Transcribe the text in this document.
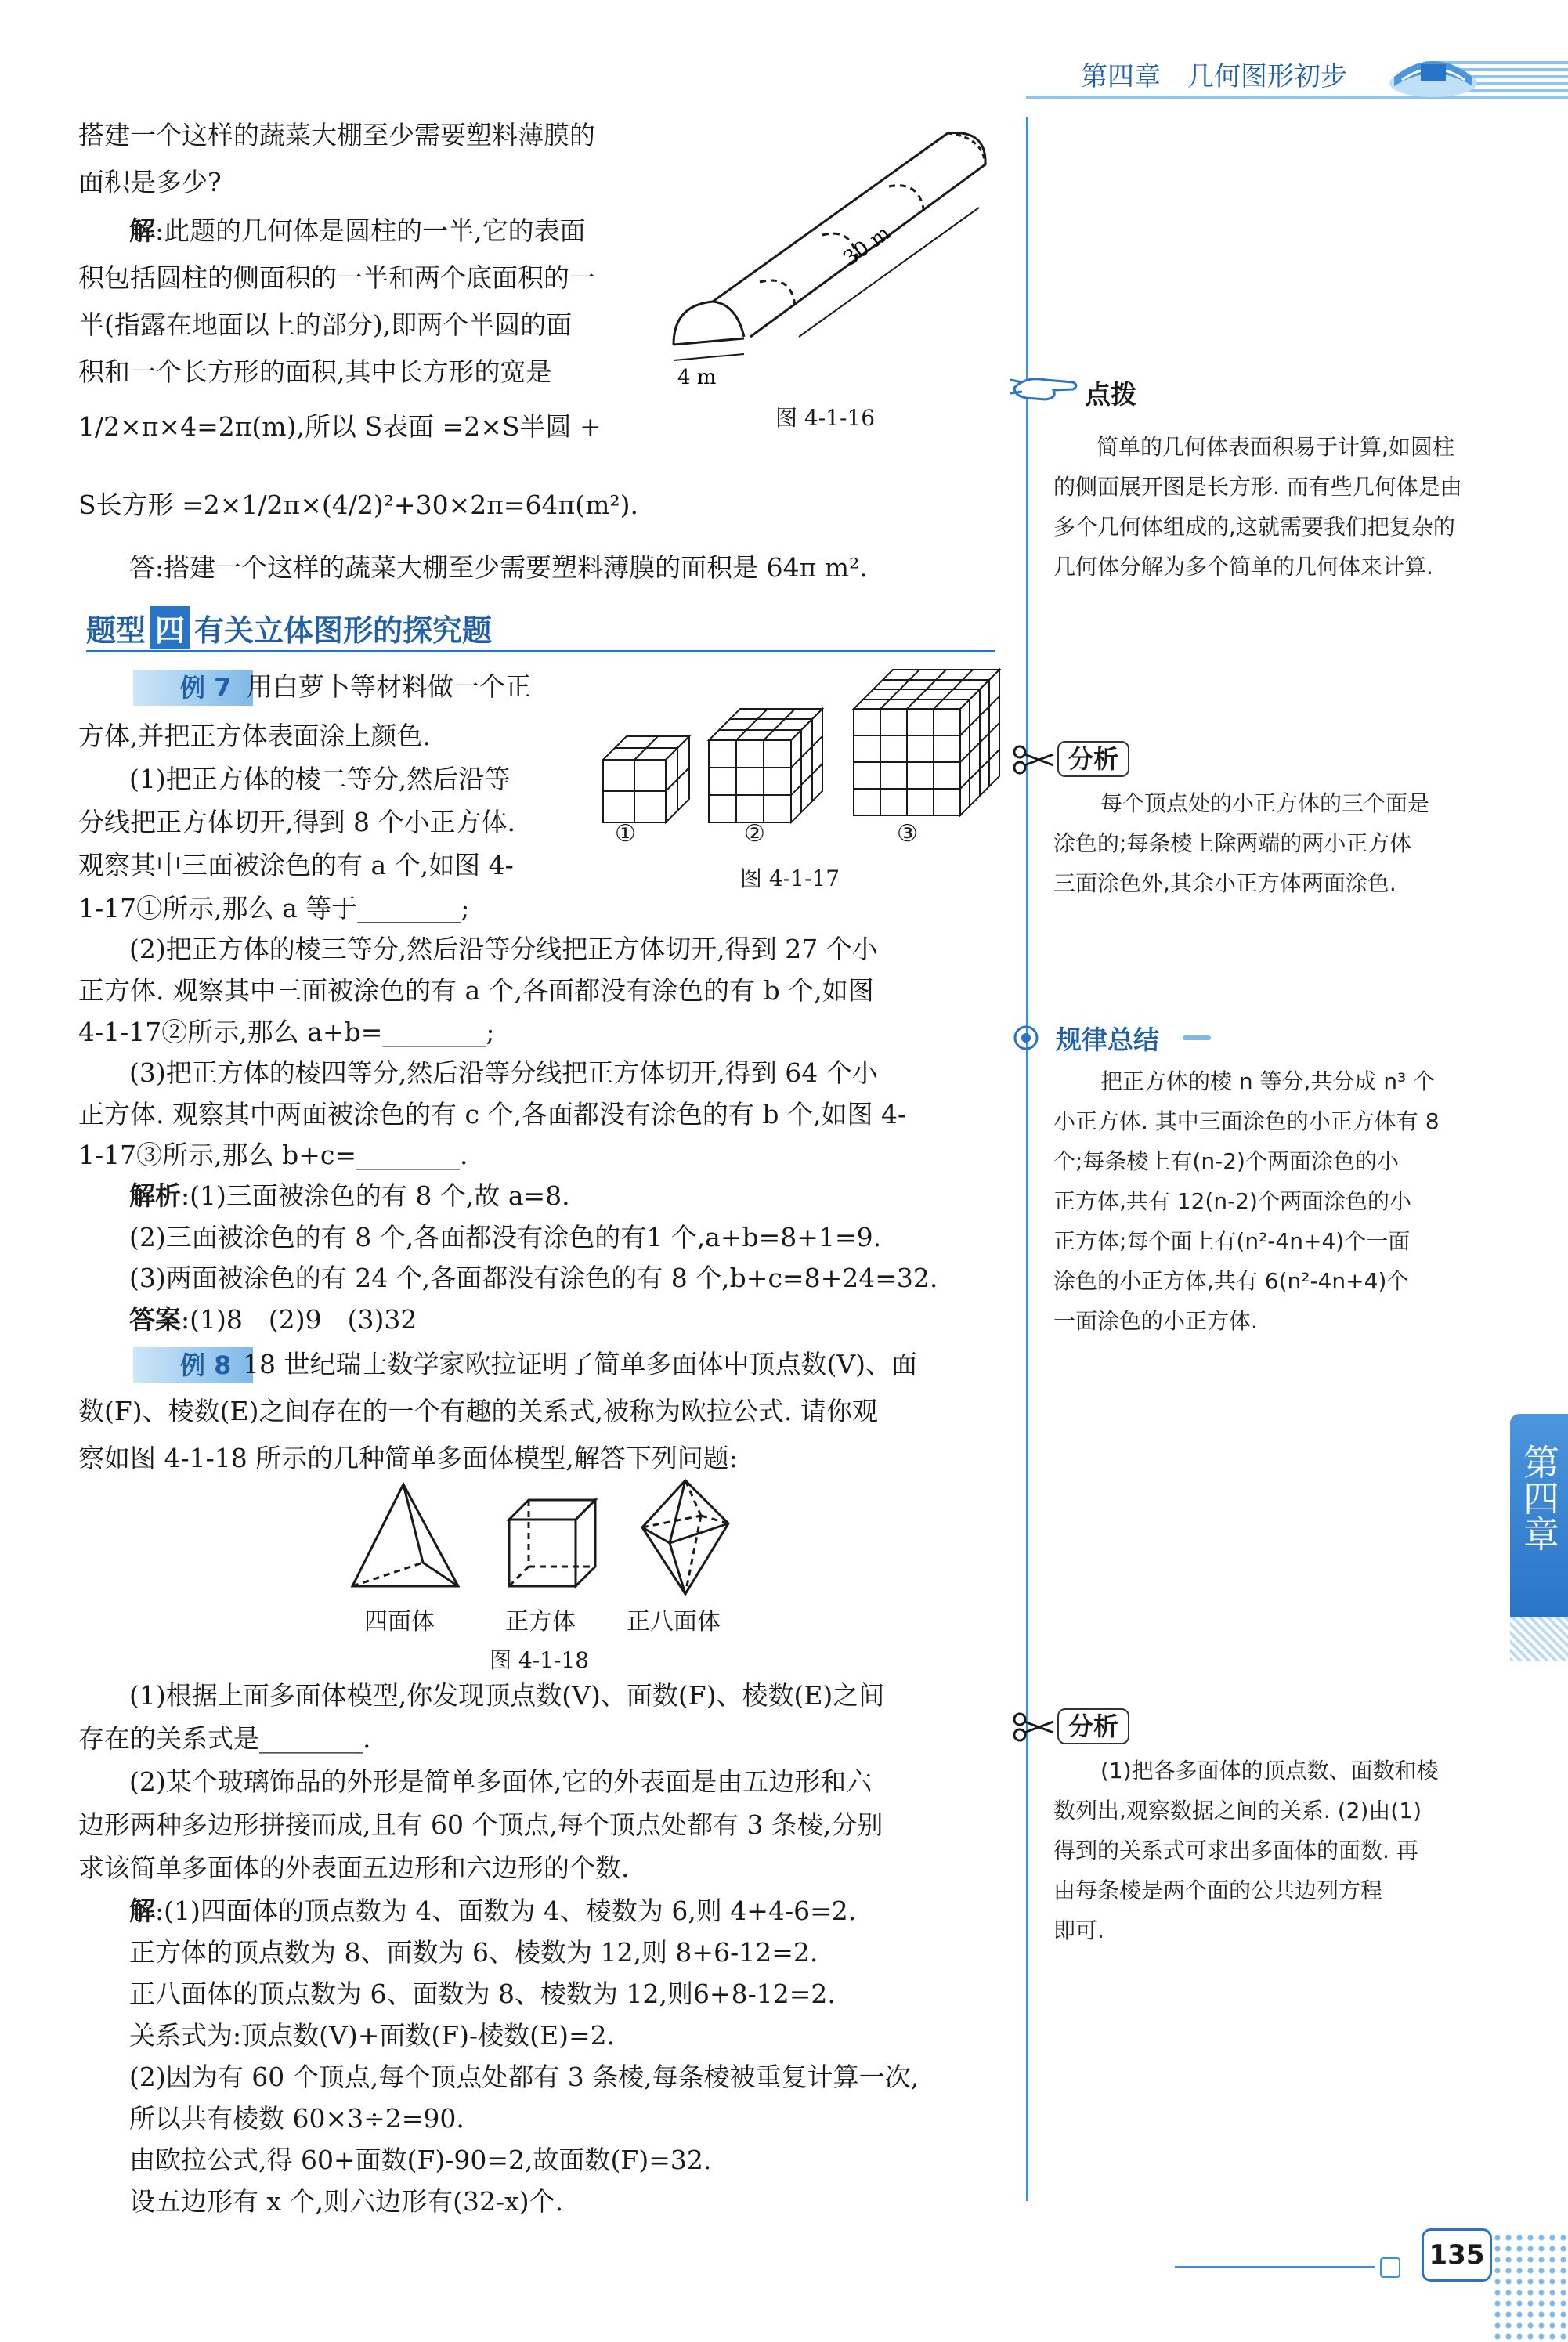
第四章　几何图形初步
搭建一个这样的蔬菜大棚至少需要塑料薄膜的
面积是多少?
解:此题的几何体是圆柱的一半,它的表面
积包括圆柱的侧面积的一半和两个底面积的一
半(指露在地面以上的部分),即两个半圆的面
积和一个长方形的面积,其中长方形的宽是
1/2×π×4=2π(m),所以 S表面 =2×S半圆 +
S长方形 =2×1/2π×(4/2)²+30×2π=64π(m²).
答:搭建一个这样的蔬菜大棚至少需要塑料薄膜的面积是 64π m².
30 m
4 m
图 4-1-16
题型 四 有关立体图形的探究题
例 7 用白萝卜等材料做一个正
方体,并把正方体表面涂上颜色.
(1)把正方体的棱二等分,然后沿等
分线把正方体切开,得到 8 个小正方体.
观察其中三面被涂色的有 a 个,如图 4-
1-17①所示,那么 a 等于________;
(2)把正方体的棱三等分,然后沿等分线把正方体切开,得到 27 个小
正方体. 观察其中三面被涂色的有 a 个,各面都没有涂色的有 b 个,如图
4-1-17②所示,那么 a+b=________;
(3)把正方体的棱四等分,然后沿等分线把正方体切开,得到 64 个小
正方体. 观察其中两面被涂色的有 c 个,各面都没有涂色的有 b 个,如图 4-
1-17③所示,那么 b+c=________.
解析:(1)三面被涂色的有 8 个,故 a=8.
(2)三面被涂色的有 8 个,各面都没有涂色的有1 个,a+b=8+1=9.
(3)两面被涂色的有 24 个,各面都没有涂色的有 8 个,b+c=8+24=32.
答案:(1)8　(2)9　(3)32
①	②	③
图 4-1-17
例 8 18 世纪瑞士数学家欧拉证明了简单多面体中顶点数(V)、面
数(F)、棱数(E)之间存在的一个有趣的关系式,被称为欧拉公式. 请你观
察如图 4-1-18 所示的几种简单多面体模型,解答下列问题:
四面体	正方体 正八面体
图 4-1-18
(1)根据上面多面体模型,你发现顶点数(V)、面数(F)、棱数(E)之间
存在的关系式是________.
(2)某个玻璃饰品的外形是简单多面体,它的外表面是由五边形和六
边形两种多边形拼接而成,且有 60 个顶点,每个顶点处都有 3 条棱,分别
求该简单多面体的外表面五边形和六边形的个数.
解:(1)四面体的顶点数为 4、面数为 4、棱数为 6,则 4+4-6=2.
正方体的顶点数为 8、面数为 6、棱数为 12,则 8+6-12=2.
正八面体的顶点数为 6、面数为 8、棱数为 12,则6+8-12=2.
关系式为:顶点数(V)+面数(F)-棱数(E)=2.
(2)因为有 60 个顶点,每个顶点处都有 3 条棱,每条棱被重复计算一次,
所以共有棱数 60×3÷2=90.
由欧拉公式,得 60+面数(F)-90=2,故面数(F)=32.
设五边形有 x 个,则六边形有(32-x)个.
点拨
简单的几何体表面积易于计算,如圆柱
的侧面展开图是长方形. 而有些几何体是由
多个几何体组成的,这就需要我们把复杂的
几何体分解为多个简单的几何体来计算.
分析
每个顶点处的小正方体的三个面是
涂色的;每条棱上除两端的两小正方体
三面涂色外,其余小正方体两面涂色.
规律总结
把正方体的棱 n 等分,共分成 n³ 个
小正方体. 其中三面涂色的小正方体有 8
个;每条棱上有(n-2)个两面涂色的小
正方体,共有 12(n-2)个两面涂色的小
正方体;每个面上有(n²-4n+4)个一面
涂色的小正方体,共有 6(n²-4n+4)个
一面涂色的小正方体.
分析
(1)把各多面体的顶点数、面数和棱
数列出,观察数据之间的关系. (2)由(1)
得到的关系式可求出多面体的面数. 再
由每条棱是两个面的公共边列方程
即可.
第四章
135
